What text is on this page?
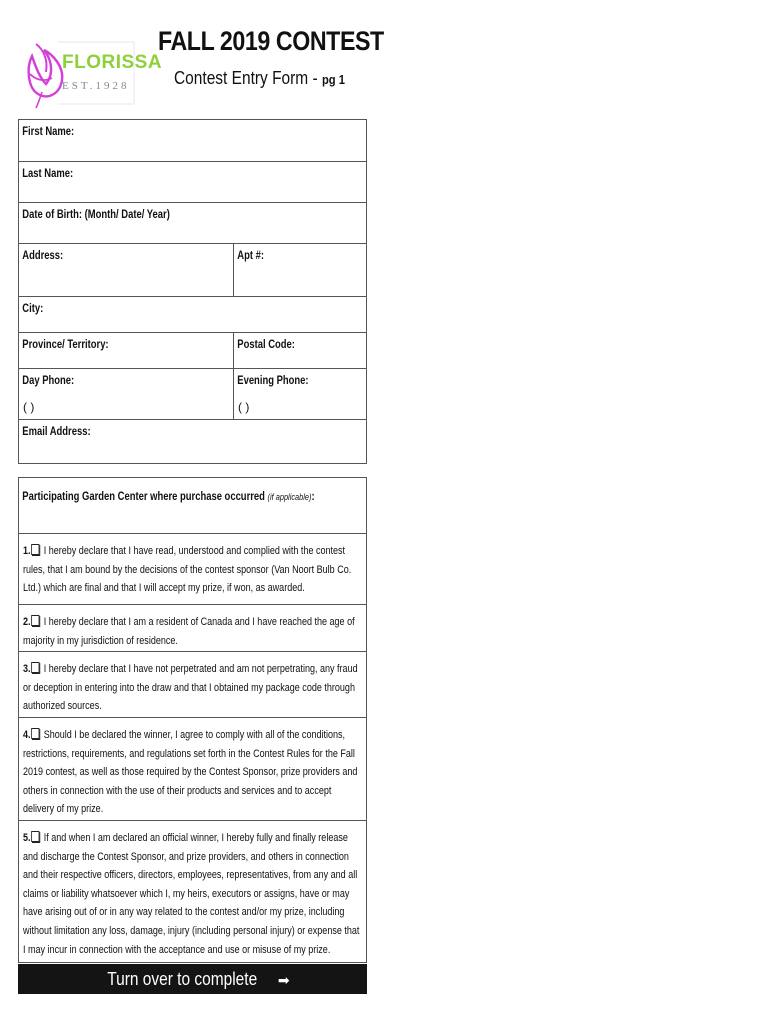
FLORISSA
EST.1928
FALL 2019 CONTEST
Contest Entry Form - pg 1
First Name:
Last Name:
Date of Birth: (Month/ Date/ Year)
Address:	Apt #:
City:
Province/ Territory:	Postal Code:
Day Phone:
( )
Evening Phone:
( )
Email Address:
Participating Garden Center where purchase occurred (if applicable):
1. I hereby declare that I have read, understood and complied with the contest rules, that I am bound by the decisions of the contest sponsor (Van Noort Bulb Co. Ltd.) which are final and that I will accept my prize, if won, as awarded.
2. I hereby declare that I am a resident of Canada and I have reached the age of majority in my jurisdiction of residence.
3. I hereby declare that I have not perpetrated and am not perpetrating, any fraud or deception in entering into the draw and that I obtained my package code through authorized sources.
4. Should I be declared the winner, I agree to comply with all of the conditions, restrictions, requirements, and regulations set forth in the Contest Rules for the Fall 2019 contest, as well as those required by the Contest Sponsor, prize providers and others in connection with the use of their products and services and to accept delivery of my prize.
5. If and when I am declared an official winner, I hereby fully and finally release and discharge the Contest Sponsor, and prize providers, and others in connection and their respective officers, directors, employees, representatives, from any and all claims or liability whatsoever which I, my heirs, executors or assigns, have or may have arising out of or in any way related to the contest and/or my prize, including without limitation any loss, damage, injury (including personal injury) or expense that I may incur in connection with the acceptance and use or misuse of my prize.
Turn over to complete ➡
